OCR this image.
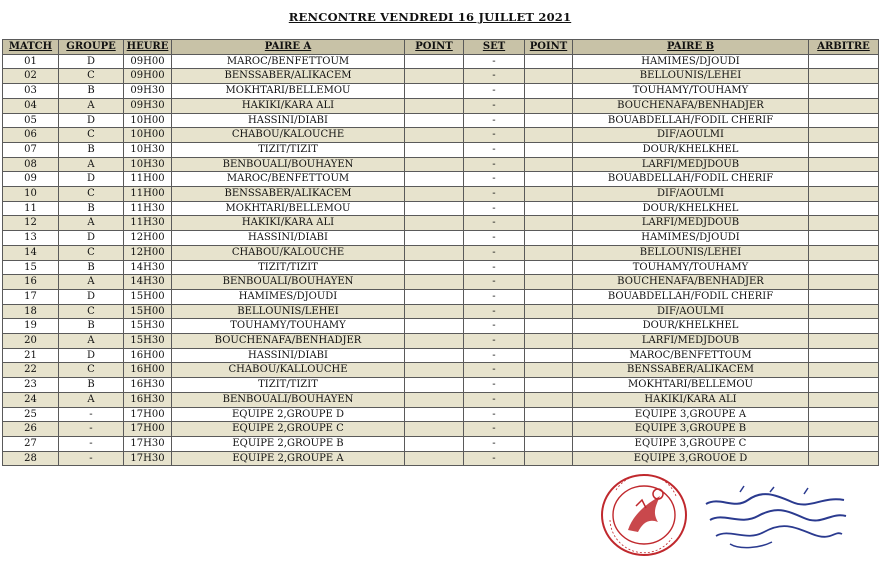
RENCONTRE VENDREDI 16 JUILLET 2021
MATCH	GROUPE	HEURE	PAIRE A	POINT	SET	POINT	PAIRE B	ARBITRE
01	D	09H00	MAROC/BENFETTOUM		-		HAMIMES/DJOUDI	
02	C	09H00	BENSSABER/ALIKACEM		-		BELLOUNIS/LEHEI	
03	B	09H30	MOKHTARI/BELLEMOU		-		TOUHAMY/TOUHAMY	
04	A	09H30	HAKIKI/KARA ALI		-		BOUCHENAFA/BENHADJER	
05	D	10H00	HASSINI/DIABI		-		BOUABDELLAH/FODIL CHERIF	
06	C	10H00	CHABOU/KALOUCHE		-		DIF/AOULMI	
07	B	10H30	TIZIT/TIZIT		-		DOUR/KHELKHEL	
08	A	10H30	BENBOUALI/BOUHAYEN		-		LARFI/MEDJDOUB	
09	D	11H00	MAROC/BENFETTOUM		-		BOUABDELLAH/FODIL CHERIF	
10	C	11H00	BENSSABER/ALIKACEM		-		DIF/AOULMI	
11	B	11H30	MOKHTARI/BELLEMOU		-		DOUR/KHELKHEL	
12	A	11H30	HAKIKI/KARA ALI		-		LARFI/MEDJDOUB	
13	D	12H00	HASSINI/DIABI		-		HAMIMES/DJOUDI	
14	C	12H00	CHABOU/KALOUCHE		-		BELLOUNIS/LEHEI	
15	B	14H30	TIZIT/TIZIT		-		TOUHAMY/TOUHAMY	
16	A	14H30	BENBOUALI/BOUHAYEN		-		BOUCHENAFA/BENHADJER	
17	D	15H00	HAMIMES/DJOUDI		-		BOUABDELLAH/FODIL CHERIF	
18	C	15H00	BELLOUNIS/LEHEI		-		DIF/AOULMI	
19	B	15H30	TOUHAMY/TOUHAMY		-		DOUR/KHELKHEL	
20	A	15H30	BOUCHENAFA/BENHADJER		-		LARFI/MEDJDOUB	
21	D	16H00	HASSINI/DIABI		-		MAROC/BENFETTOUM	
22	C	16H00	CHABOU/KALLOUCHE		-		BENSSABER/ALIKACEM	
23	B	16H30	TIZIT/TIZIT		-		MOKHTARI/BELLEMOU	
24	A	16H30	BENBOUALI/BOUHAYEN		-		HAKIKI/KARA ALI	
25	-	17H00	EQUIPE 2,GROUPE D		-		EQUIPE 3,GROUPE A	
26	-	17H00	EQUIPE 2,GROUPE C		-		EQUIPE 3,GROUPE B	
27	-	17H30	EQUIPE 2,GROUPE B		-		EQUIPE 3,GROUPE C	
28	-	17H30	EQUIPE 2,GROUPE A		-		EQUIPE 3,GROUOE D	
